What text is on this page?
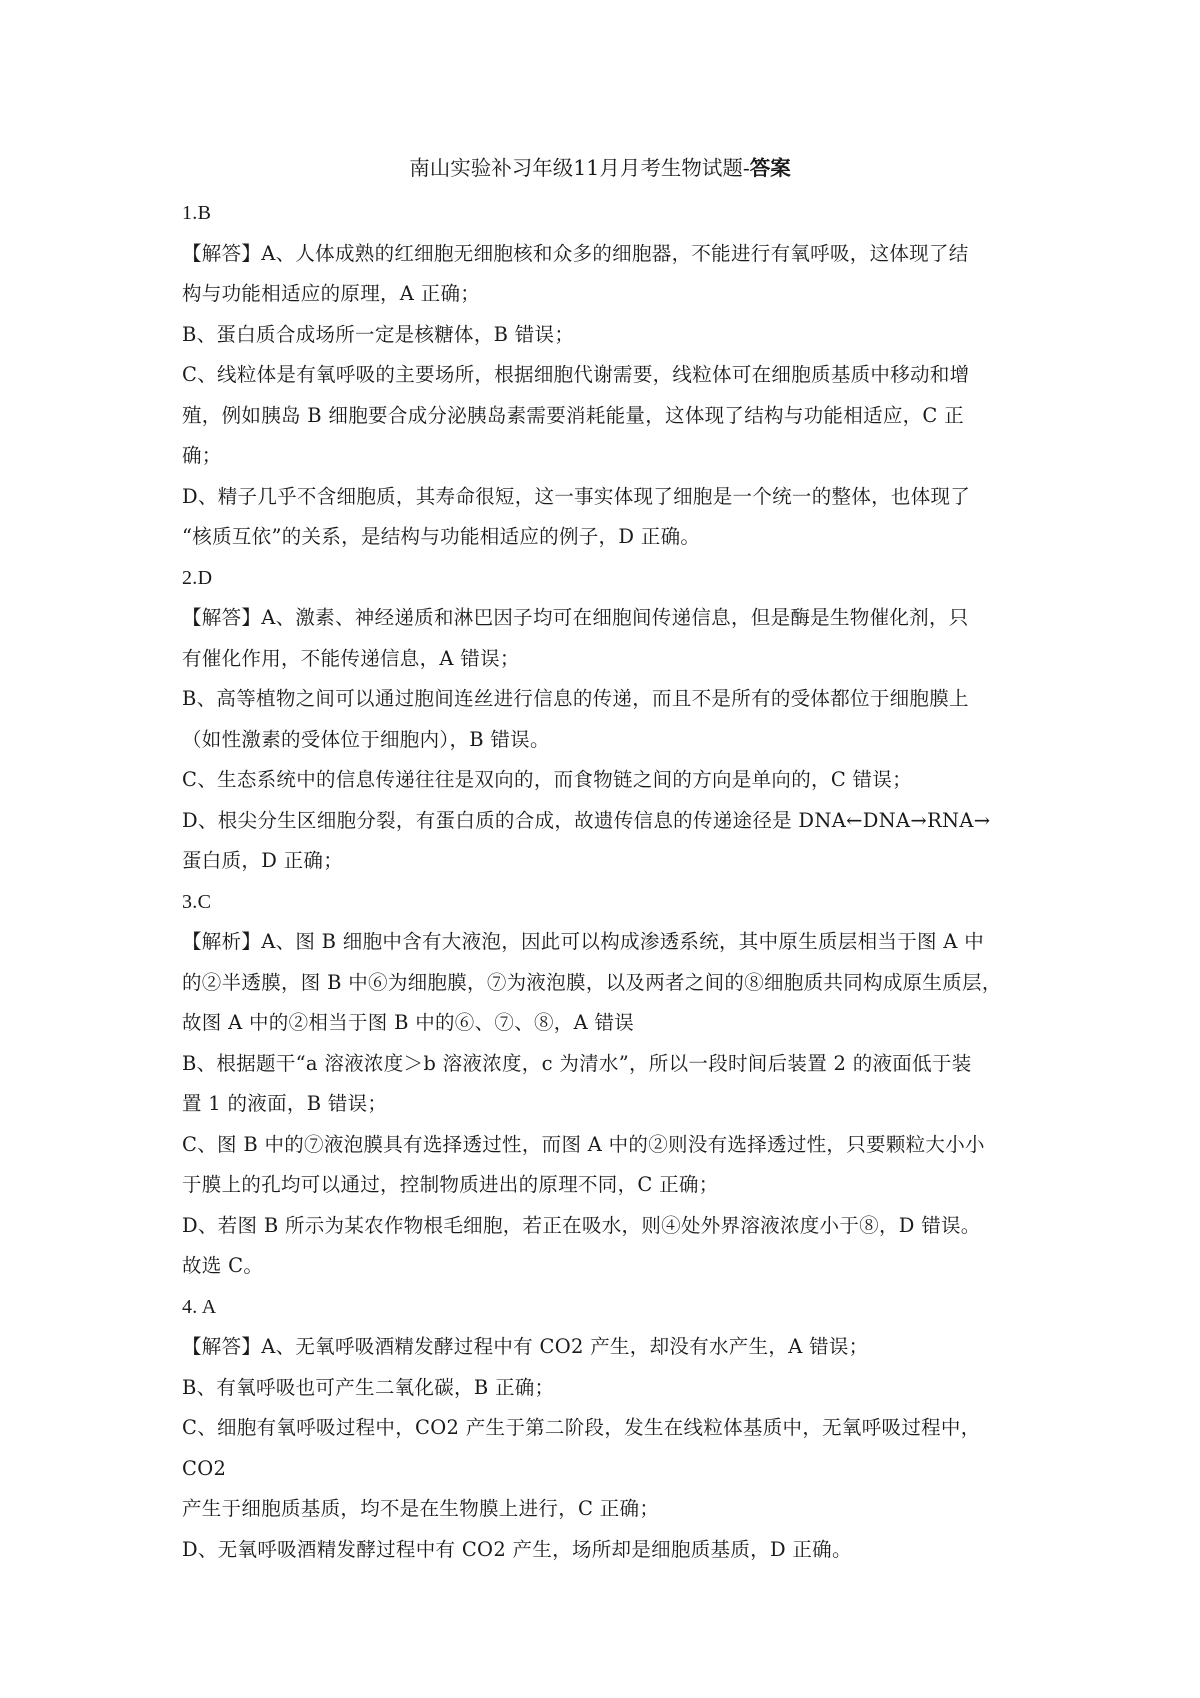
南山实验补习年级11月月考生物试题-答案

1.B

【解答】A、人体成熟的红细胞无细胞核和众多的细胞器，不能进行有氧呼吸，这体现了结

构与功能相适应的原理，A 正确；

B、蛋白质合成场所一定是核糖体，B 错误；

C、线粒体是有氧呼吸的主要场所，根据细胞代谢需要，线粒体可在细胞质基质中移动和增

殖，例如胰岛 B 细胞要合成分泌胰岛素需要消耗能量，这体现了结构与功能相适应，C 正

确；

D、精子几乎不含细胞质，其寿命很短，这一事实体现了细胞是一个统一的整体，也体现了

“核质互依”的关系，是结构与功能相适应的例子，D 正确。

2.D

【解答】A、激素、神经递质和淋巴因子均可在细胞间传递信息，但是酶是生物催化剂，只

有催化作用，不能传递信息，A 错误；

B、高等植物之间可以通过胞间连丝进行信息的传递，而且不是所有的受体都位于细胞膜上

（如性激素的受体位于细胞内），B 错误。

C、生态系统中的信息传递往往是双向的，而食物链之间的方向是单向的，C 错误；

D、根尖分生区细胞分裂，有蛋白质的合成，故遗传信息的传递途径是 DNA←DNA→RNA→

蛋白质，D 正确；

3.C

【解析】A、图 B 细胞中含有大液泡，因此可以构成渗透系统，其中原生质层相当于图 A 中

的②半透膜，图 B 中⑥为细胞膜，⑦为液泡膜，以及两者之间的⑧细胞质共同构成原生质层，

故图 A 中的②相当于图 B 中的⑥、⑦、⑧，A 错误

B、根据题干“a 溶液浓度＞b 溶液浓度，c 为清水”，所以一段时间后装置 2 的液面低于装

置 1 的液面，B 错误；

C、图 B 中的⑦液泡膜具有选择透过性，而图 A 中的②则没有选择透过性，只要颗粒大小小

于膜上的孔均可以通过，控制物质进出的原理不同，C 正确；

D、若图 B 所示为某农作物根毛细胞，若正在吸水，则④处外界溶液浓度小于⑧，D 错误。

故选 C。

4. A

【解答】A、无氧呼吸酒精发酵过程中有 CO2 产生，却没有水产生，A 错误；

B、有氧呼吸也可产生二氧化碳，B 正确；

C、细胞有氧呼吸过程中，CO2 产生于第二阶段，发生在线粒体基质中，无氧呼吸过程中，CO2

产生于细胞质基质，均不是在生物膜上进行，C 正确；

D、无氧呼吸酒精发酵过程中有 CO2 产生，场所却是细胞质基质，D 正确。
